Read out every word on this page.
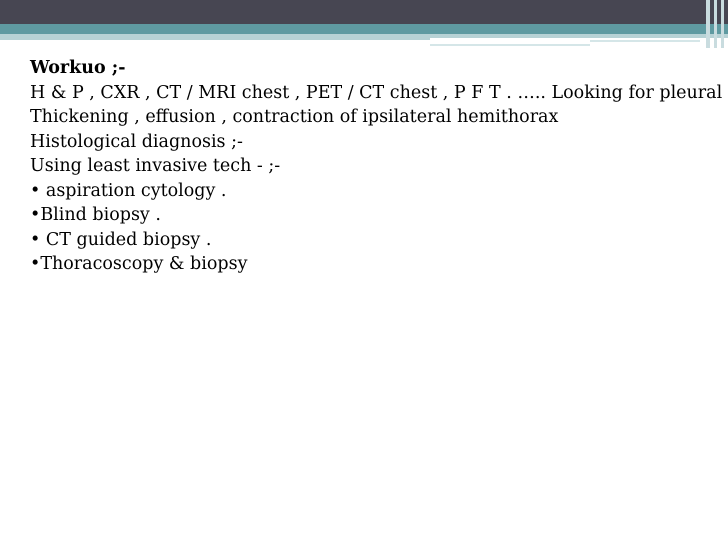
Workuo ;-
H & P , CXR , CT / MRI chest , PET / CT chest , P F T . ….. Looking for pleural
Thickening , effusion , contraction of ipsilateral hemithorax
Histological diagnosis ;-
Using least invasive tech - ;-
• aspiration cytology .
•Blind biopsy .
• CT guided biopsy .
•Thoracoscopy & biopsy
